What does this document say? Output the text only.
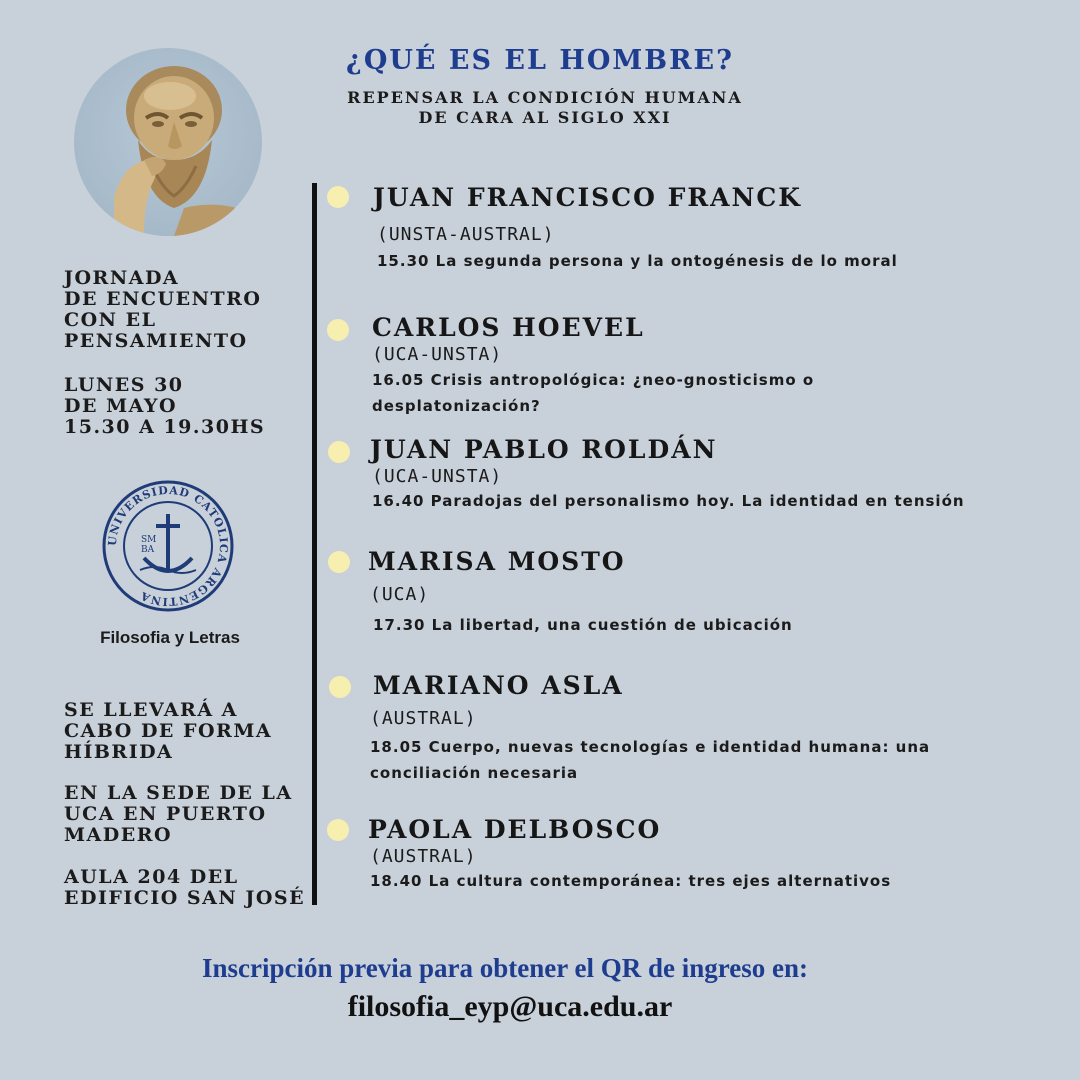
¿QUÉ ES EL HOMBRE?
REPENSAR LA CONDICIÓN HUMANA
DE CARA AL SIGLO XXI
JORNADA
DE ENCUENTRO
CON EL
PENSAMIENTO
LUNES 30
DE MAYO
15.30 A 19.30HS
UNIVERSIDAD CATOLICA ARGENTINA
SM
BA
Filosofia y Letras
SE LLEVARÁ A
CABO DE FORMA
HÍBRIDA
EN LA SEDE DE LA
UCA EN PUERTO
MADERO
AULA 204 DEL
EDIFICIO SAN JOSÉ
JUAN FRANCISCO FRANCK
(UNSTA-AUSTRAL)
15.30 La segunda persona y la ontogénesis de lo moral
CARLOS HOEVEL
(UCA-UNSTA)
16.05 Crisis antropológica: ¿neo-gnosticismo o desplatonización?
JUAN PABLO ROLDÁN
(UCA-UNSTA)
16.40 Paradojas del personalismo hoy. La identidad en tensión
MARISA MOSTO
(UCA)
17.30 La libertad, una cuestión de ubicación
MARIANO ASLA
(AUSTRAL)
18.05 Cuerpo, nuevas tecnologías e identidad humana: una conciliación necesaria
PAOLA DELBOSCO
(AUSTRAL)
18.40 La cultura contemporánea: tres ejes alternativos
Inscripción previa para obtener el QR de ingreso en:
filosofia_eyp@uca.edu.ar
